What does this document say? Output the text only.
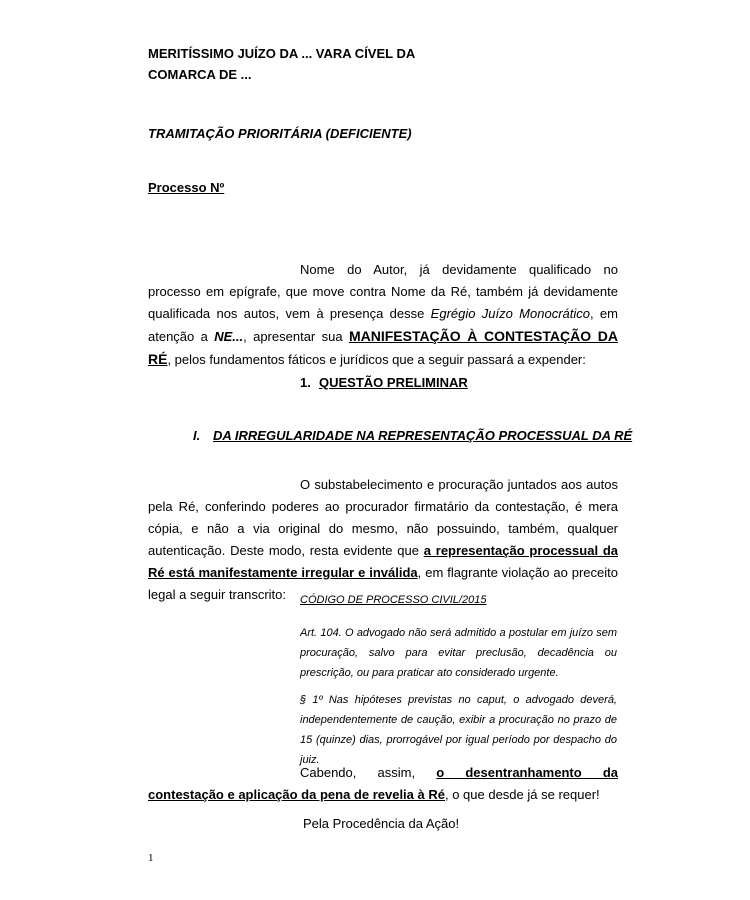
MERITÍSSIMO JUÍZO DA ... VARA CÍVEL DA
COMARCA DE ...
TRAMITAÇÃO PRIORITÁRIA (DEFICIENTE)
Processo Nº
Nome do Autor, já devidamente qualificado no processo em epígrafe, que move contra Nome da Ré, também já devidamente qualificada nos autos, vem à presença desse Egrégio Juízo Monocrático, em atenção a NE..., apresentar sua MANIFESTAÇÃO À CONTESTAÇÃO DA RÉ, pelos fundamentos fáticos e jurídicos que a seguir passará a expender:
1. QUESTÃO PRELIMINAR
I. DA IRREGULARIDADE NA REPRESENTAÇÃO PROCESSUAL DA RÉ
O substabelecimento e procuração juntados aos autos pela Ré, conferindo poderes ao procurador firmatário da contestação, é mera cópia, e não a via original do mesmo, não possuindo, também, qualquer autenticação. Deste modo, resta evidente que a representação processual da Ré está manifestamente irregular e inválida, em flagrante violação ao preceito legal a seguir transcrito:	CÓDIGO DE PROCESSO CIVIL/2015
Art. 104. O advogado não será admitido a postular em juízo sem procuração, salvo para evitar preclusão, decadência ou prescrição, ou para praticar ato considerado urgente.
§ 1º Nas hipóteses previstas no caput, o advogado deverá, independentemente de caução, exibir a procuração no prazo de 15 (quinze) dias, prorrogável por igual período por despacho do juiz.
Cabendo, assim, o desentranhamento da contestação e aplicação da pena de revelia à Ré, o que desde já se requer!
Pela Procedência da Ação!
1
